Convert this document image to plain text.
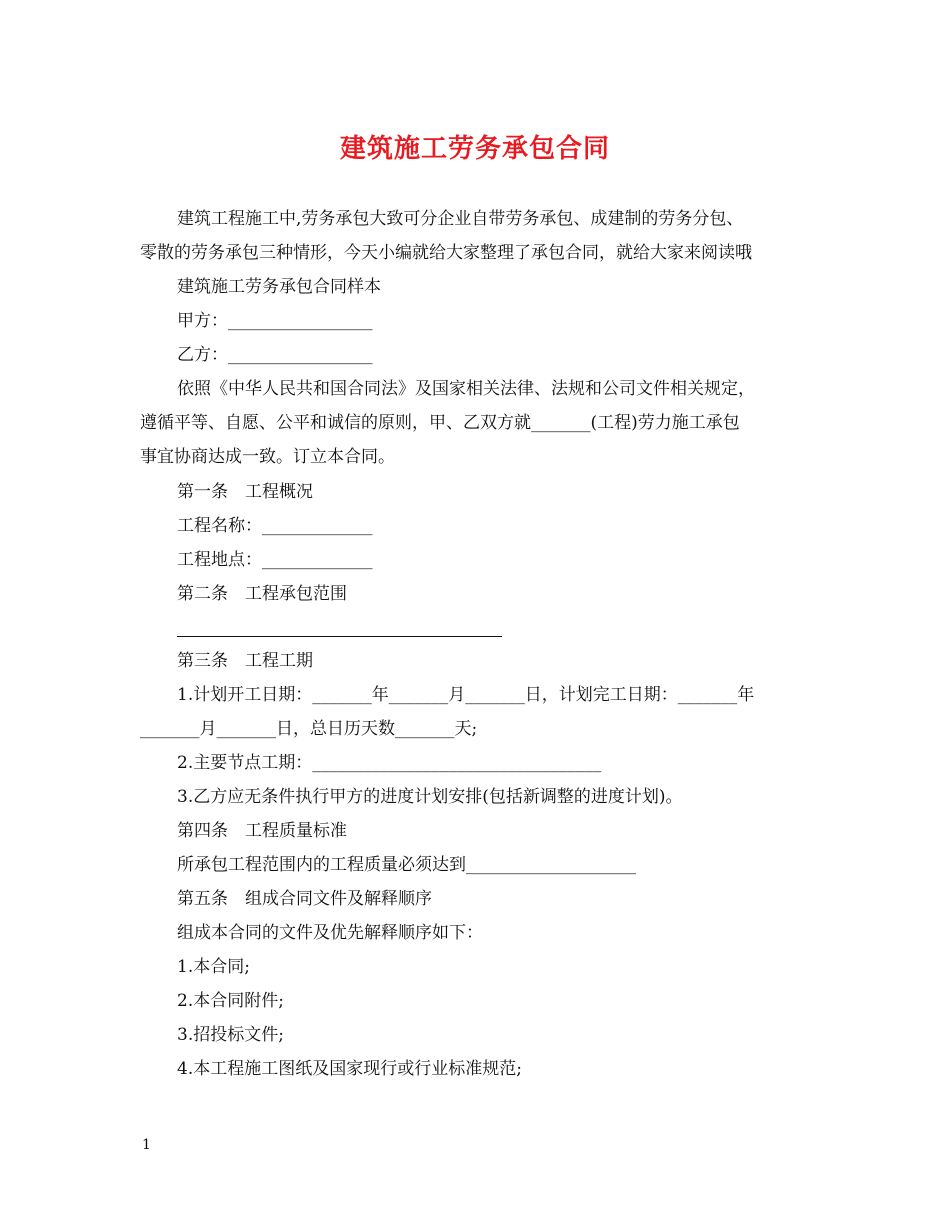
建筑施工劳务承包合同
建筑工程施工中,劳务承包大致可分企业自带劳务承包、成建制的劳务分包、
零散的劳务承包三种情形，今天小编就给大家整理了承包合同，就给大家来阅读哦
建筑施工劳务承包合同样本
甲方：_________________
乙方：_________________
依照《中华人民共和国合同法》及国家相关法律、法规和公司文件相关规定，
遵循平等、自愿、公平和诚信的原则，甲、乙双方就_______(工程)劳力施工承包
事宜协商达成一致。订立本合同。
第一条　工程概况
工程名称：_____________
工程地点：_____________
第二条　工程承包范围
第三条　工程工期
1.计划开工日期：_______年_______月_______日，计划完工日期：_______年
_______月_______日，总日历天数_______天;
2.主要节点工期：__________________________________
3.乙方应无条件执行甲方的进度计划安排(包括新调整的进度计划)。
第四条　工程质量标准
所承包工程范围内的工程质量必须达到____________________
第五条　组成合同文件及解释顺序
组成本合同的文件及优先解释顺序如下：
1.本合同;
2.本合同附件;
3.招投标文件;
4.本工程施工图纸及国家现行或行业标准规范;
1
